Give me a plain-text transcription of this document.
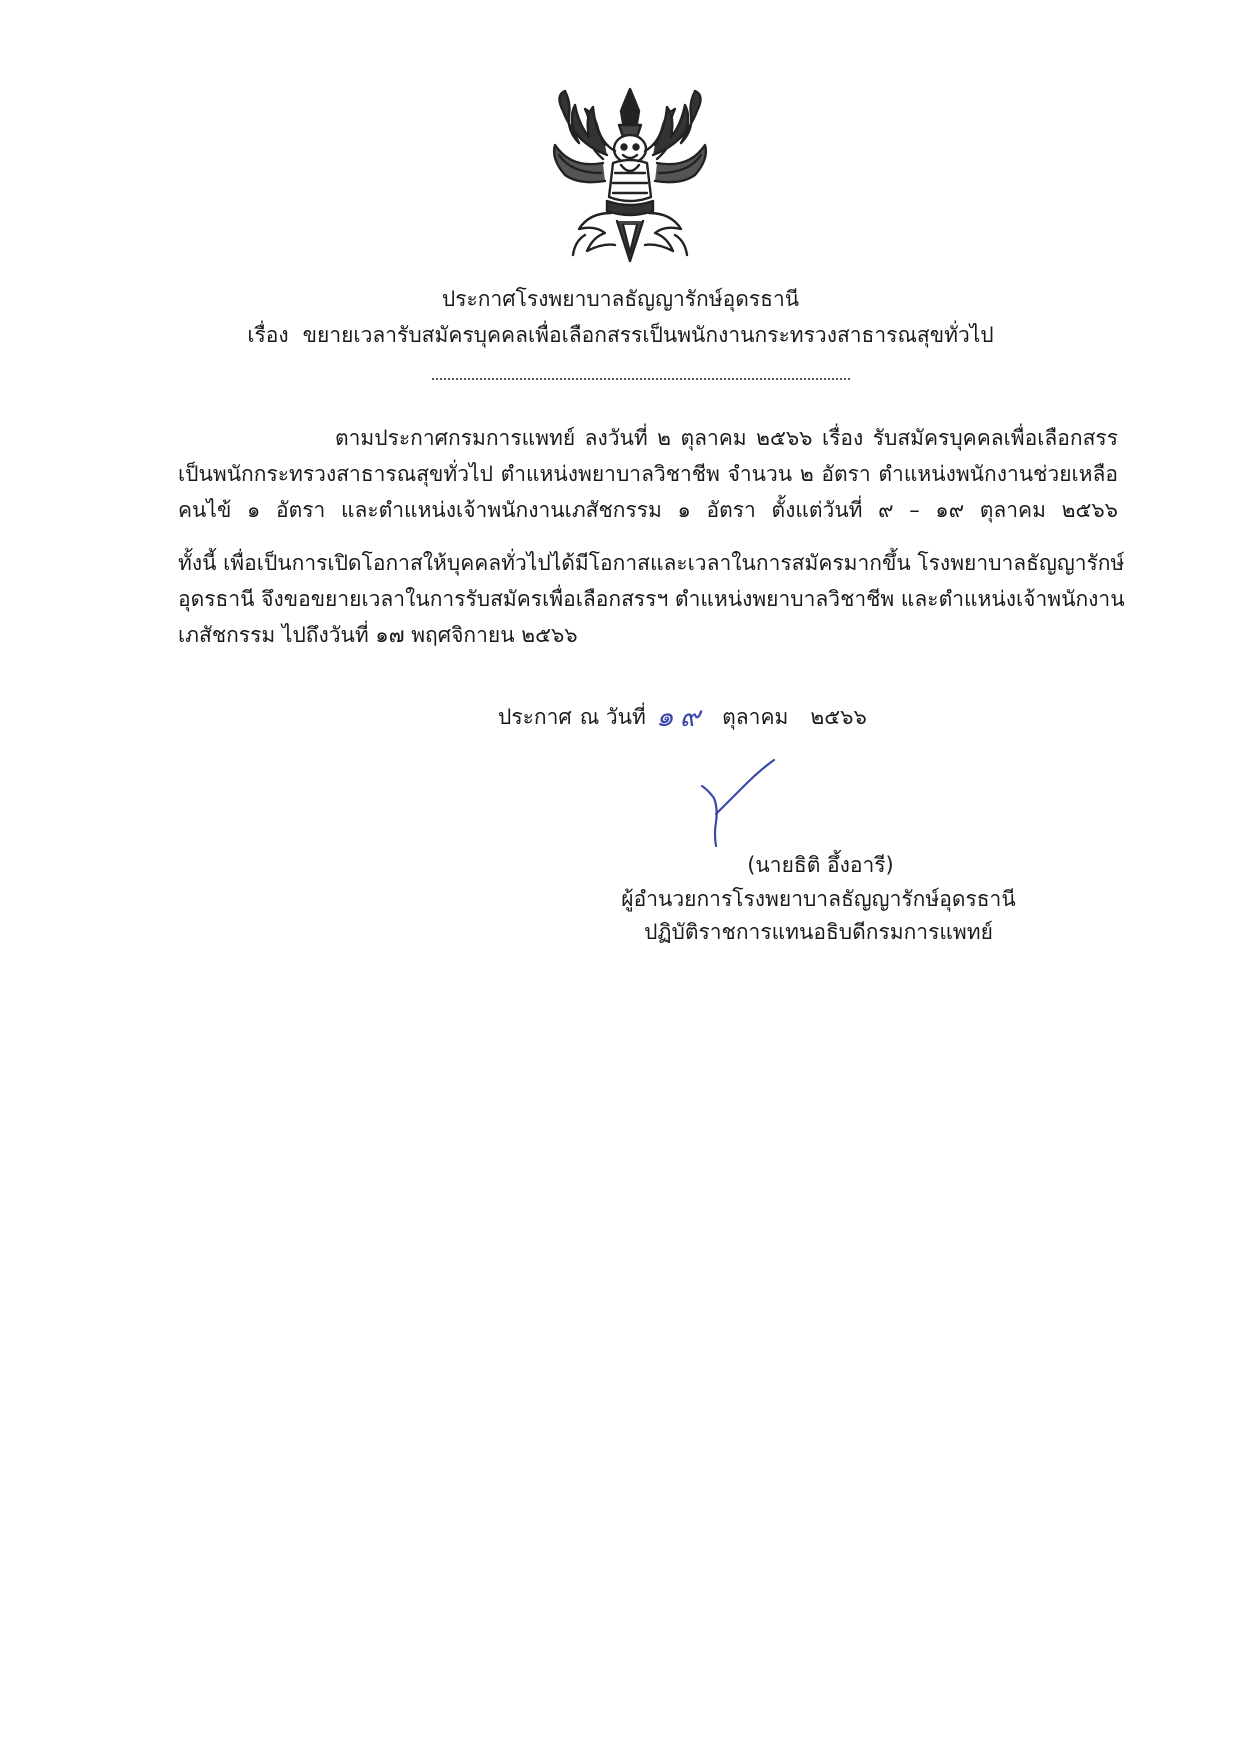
ประกาศโรงพยาบาลธัญญารักษ์อุดรธานี
เรื่อง ขยายเวลารับสมัครบุคคลเพื่อเลือกสรรเป็นพนักงานกระทรวงสาธารณสุขทั่วไป
ตามประกาศกรมการแพทย์ ลงวันที่ ๒ ตุลาคม ๒๕๖๖ เรื่อง รับสมัครบุคคลเพื่อเลือกสรร
เป็นพนักกระทรวงสาธารณสุขทั่วไป ตำแหน่งพยาบาลวิชาชีพ จำนวน ๒ อัตรา ตำแหน่งพนักงานช่วยเหลือ
คนไข้ ๑ อัตรา และตำแหน่งเจ้าพนักงานเภสัชกรรม ๑ อัตรา ตั้งแต่วันที่ ๙ – ๑๙ ตุลาคม ๒๕๖๖
ทั้งนี้ เพื่อเป็นการเปิดโอกาสให้บุคคลทั่วไปได้มีโอกาสและเวลาในการสมัครมากขึ้น โรงพยาบาลธัญญารักษ์
อุดรธานี จึงขอขยายเวลาในการรับสมัครเพื่อเลือกสรรฯ ตำแหน่งพยาบาลวิชาชีพ และตำแหน่งเจ้าพนักงาน
เภสัชกรรม ไปถึงวันที่ ๑๗ พฤศจิกายน ๒๕๖๖
ประกาศ ณ วันที่ ๑๙ ตุลาคม ๒๕๖๖
(นายธิติ อึ้งอารี)
ผู้อำนวยการโรงพยาบาลธัญญารักษ์อุดรธานี
ปฏิบัติราชการแทนอธิบดีกรมการแพทย์
